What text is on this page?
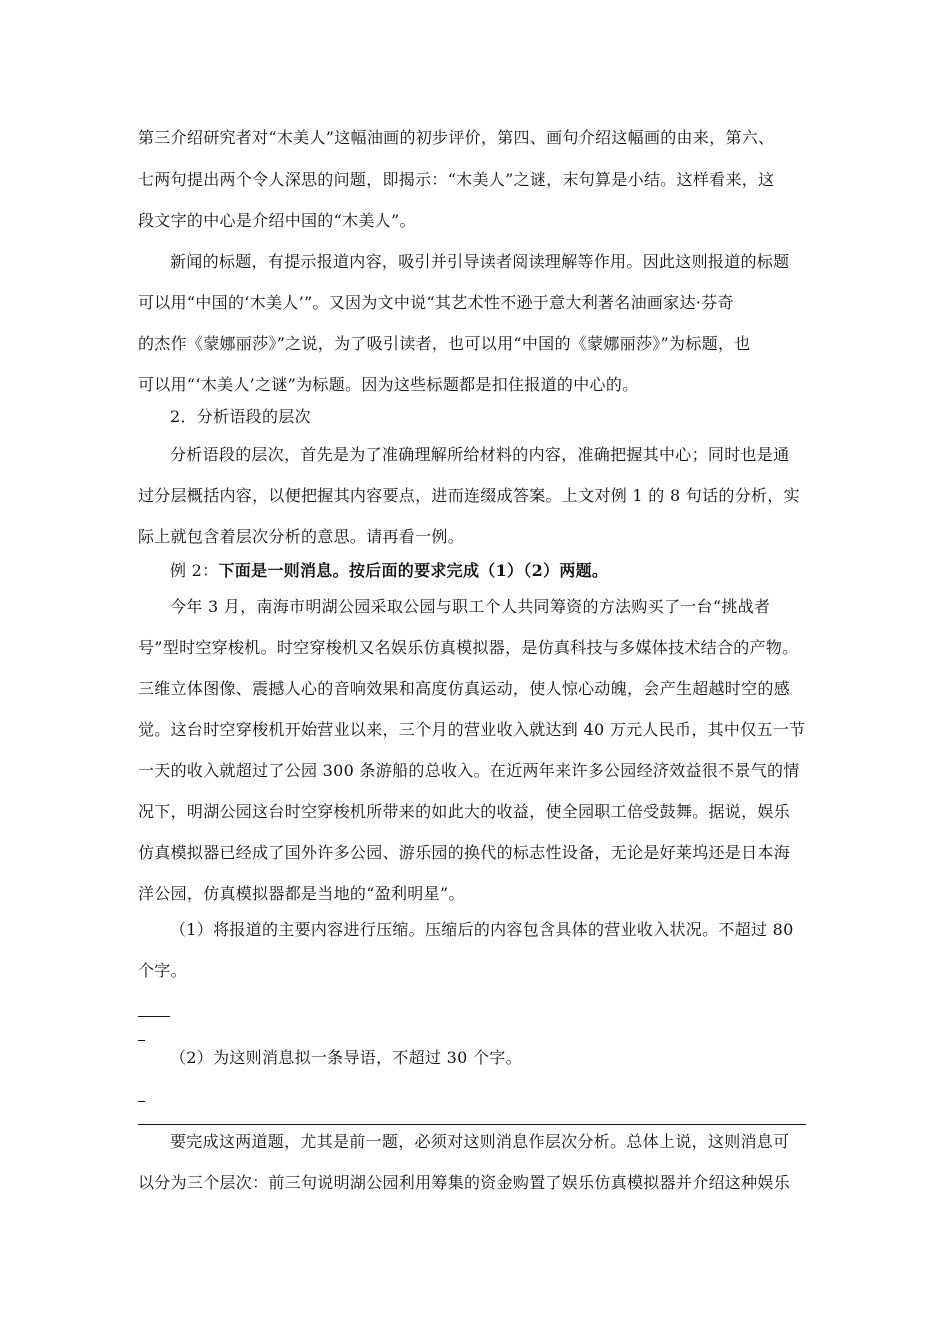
第三介绍研究者对“木美人”这幅油画的初步评价，第四、画句介绍这幅画的由来，第六、
七两句提出两个令人深思的问题，即揭示：“木美人”之谜，末句算是小结。这样看来，这
段文字的中心是介绍中国的“木美人”。
新闻的标题，有提示报道内容，吸引并引导读者阅读理解等作用。因此这则报道的标题
可以用“中国的‘木美人’”。又因为文中说“其艺术性不逊于意大利著名油画家达·芬奇
的杰作《蒙娜丽莎》”之说，为了吸引读者，也可以用“中国的《蒙娜丽莎》”为标题，也
可以用“‘木美人’之谜”为标题。因为这些标题都是扣住报道的中心的。
2．分析语段的层次
分析语段的层次，首先是为了准确理解所给材料的内容，准确把握其中心；同时也是通
过分层概括内容，以便把握其内容要点，进而连缀成答案。上文对例 1 的 8 句话的分析，实
际上就包含着层次分析的意思。请再看一例。
例 2：下面是一则消息。按后面的要求完成（1）（2）两题。
今年 3 月，南海市明湖公园采取公园与职工个人共同筹资的方法购买了一台“挑战者
号”型时空穿梭机。时空穿梭机又名娱乐仿真模拟器，是仿真科技与多媒体技术结合的产物。
三维立体图像、震撼人心的音响效果和高度仿真运动，使人惊心动魄，会产生超越时空的感
觉。这台时空穿梭机开始营业以来，三个月的营业收入就达到 40 万元人民币，其中仅五一节
一天的收入就超过了公园 300 条游船的总收入。在近两年来许多公园经济效益很不景气的情
况下，明湖公园这台时空穿梭机所带来的如此大的收益，使全园职工倍受鼓舞。据说，娱乐
仿真模拟器已经成了国外许多公园、游乐园的换代的标志性设备，无论是好莱坞还是日本海
洋公园，仿真模拟器都是当地的“盈利明星”。
（1）将报道的主要内容进行压缩。压缩后的内容包含具体的营业收入状况。不超过 80
个字。
（2）为这则消息拟一条导语，不超过 30 个字。
要完成这两道题，尤其是前一题，必须对这则消息作层次分析。总体上说，这则消息可
以分为三个层次：前三句说明湖公园利用筹集的资金购置了娱乐仿真模拟器并介绍这种娱乐
